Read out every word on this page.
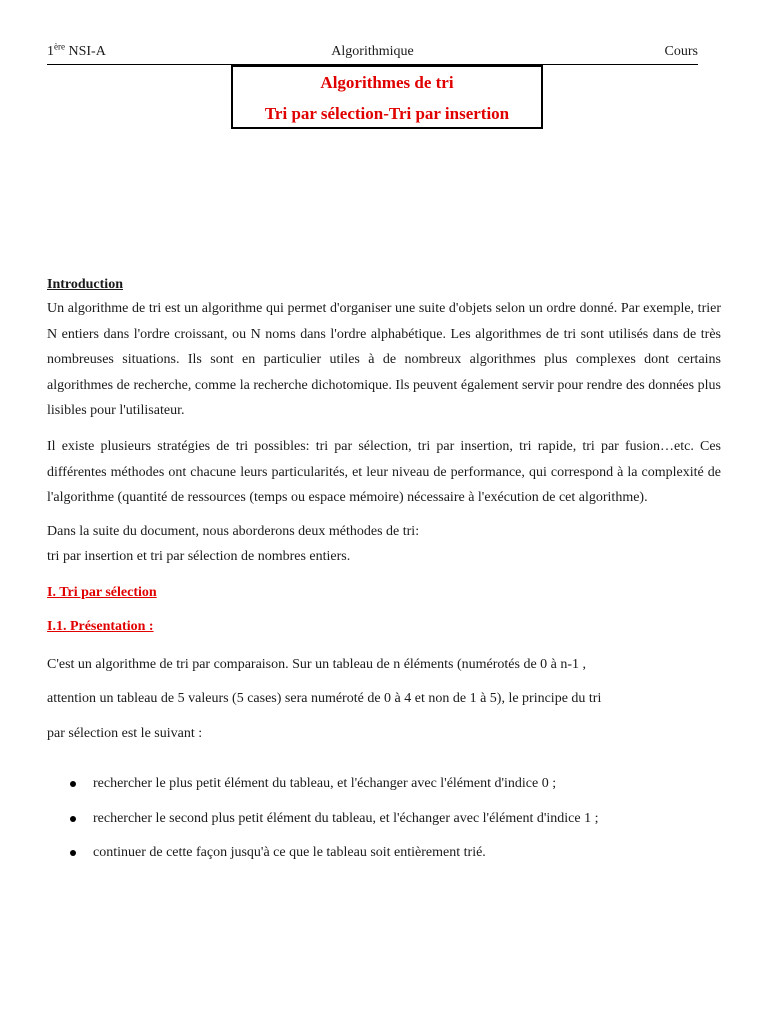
1ère NSI-A	Algorithmique	Cours
Algorithmes de tri
Tri par sélection-Tri par insertion

Introduction

Un algorithme de tri est un algorithme qui permet d'organiser une suite d'objets selon un ordre donné. Par exemple, trier N entiers dans l'ordre croissant, ou N noms dans l'ordre alphabétique. Les algorithmes de tri sont utilisés dans de très nombreuses situations. Ils sont en particulier utiles à de nombreux algorithmes plus complexes dont certains algorithmes de recherche, comme la recherche dichotomique. Ils peuvent également servir pour rendre des données plus lisibles pour l'utilisateur.

Il existe plusieurs stratégies de tri possibles: tri par sélection, tri par insertion, tri rapide, tri par fusion…etc. Ces différentes méthodes ont chacune leurs particularités, et leur niveau de performance, qui correspond à la complexité de l'algorithme (quantité de ressources (temps ou espace mémoire) nécessaire à l'exécution de cet algorithme).

Dans la suite du document, nous aborderons deux méthodes de tri:

tri par insertion et tri par sélection de nombres entiers.

I. Tri par sélection

I.1. Présentation :

C'est un algorithme de tri par comparaison. Sur un tableau de n éléments (numérotés de 0 à n-1 ,

attention un tableau de 5 valeurs (5 cases) sera numéroté de 0 à 4 et non de 1 à 5), le principe du tri

par sélection est le suivant :

rechercher le plus petit élément du tableau, et l'échanger avec l'élément d'indice 0 ;
rechercher le second plus petit élément du tableau, et l'échanger avec l'élément d'indice 1 ;
continuer de cette façon jusqu'à ce que le tableau soit entièrement trié.
